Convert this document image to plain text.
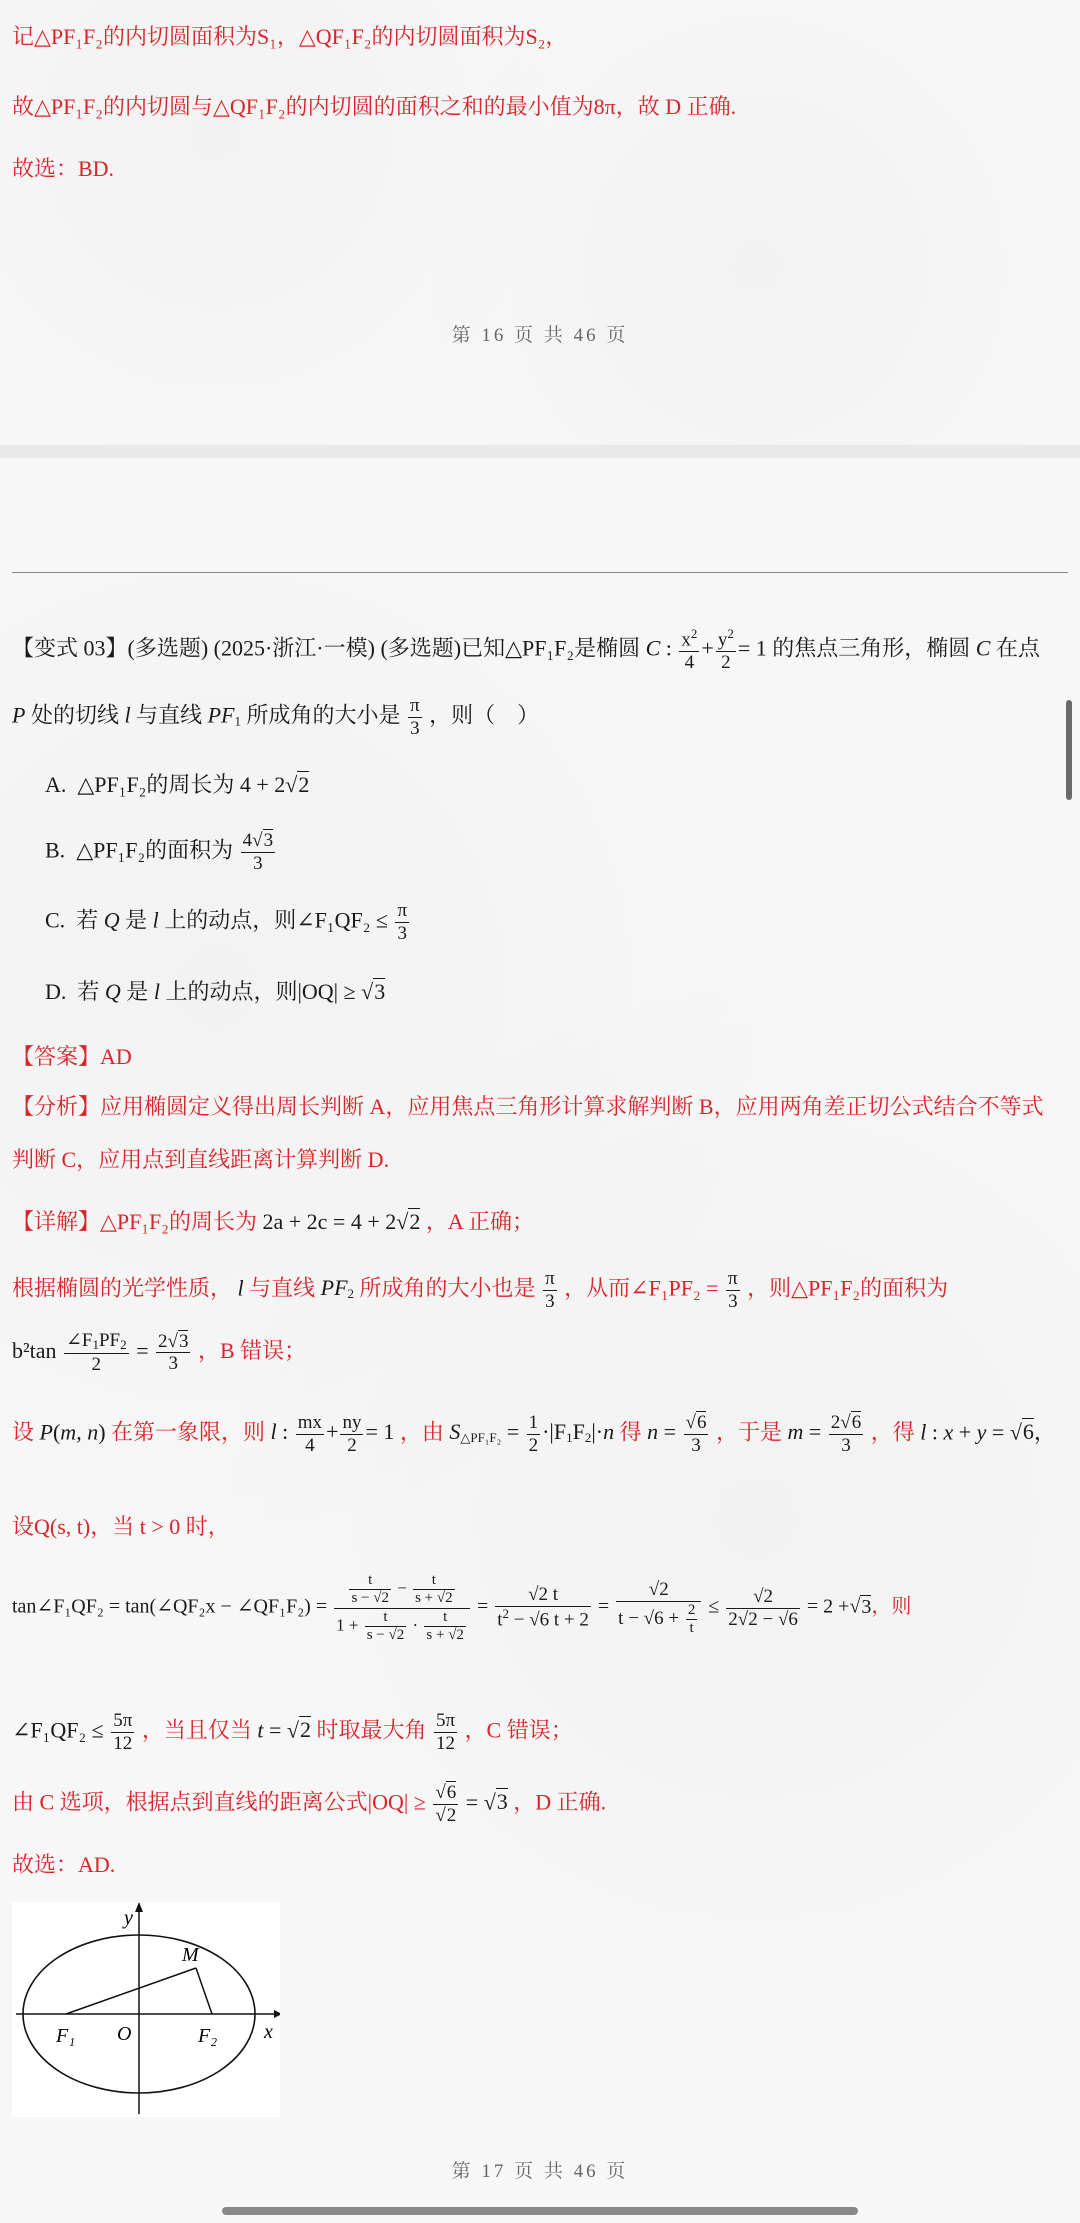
记△PF₁F₂的内切圆面积为S₁，△QF₁F₂的内切圆面积为S₂，
故△PF₁F₂的内切圆与△QF₁F₂的内切圆的面积之和的最小值为8π，故 D 正确.
故选：BD.
第 16 页 共 46 页
【变式 03】(多选题) (2025·浙江·一模) (多选题)已知△PF₁F₂是椭圆 C : $\frac{x^2}{4} + \frac{y^2}{2} = 1$ 的焦点三角形，椭圆 C 在点
P 处的切线 l 与直线 $PF_1$ 所成角的大小是 $\frac{\pi}{3}$ ，则（　）
A. △PF₁F₂的周长为 4 + 2√2
B. △PF₁F₂的面积为 $\frac{4√3}{3}$
C. 若 Q 是 l 上的动点，则∠F₁QF₂ ≤ $\frac{\pi}{3}$
D. 若 Q 是 l 上的动点，则|OQ| ≥ √3
【答案】AD
【分析】应用椭圆定义得出周长判断 A，应用焦点三角形计算求解判断 B，应用两角差正切公式结合不等式
判断 C，应用点到直线距离计算判断 D.
【详解】△PF₁F₂的周长为 2a + 2c = 4 + 2√2 ，A 正确；
根据椭圆的光学性质， l 与直线 $PF_2$ 所成角的大小也是 $\frac{\pi}{3}$ ，从而∠F₁PF₂ = $\frac{\pi}{3}$ ，则△PF₁F₂的面积为
$b^2\tan \frac{\angle F_1PF_2}{2} = \frac{2√3}{3}$ ，B 错误；
设 P(m, n) 在第一象限，则 l : $\frac{mx}{4} + \frac{ny}{2} = 1$ ，由 $S_{\triangle PF_1F_2} = \frac{1}{2} \cdot|F_1F_2|\cdot n$ 得 $n = \frac{√6}{3}$ ，于是 $m = \frac{2√6}{3}$ ，得 l : x + y = √6，
设Q(s, t)，当 t > 0 时，
tan∠F₁QF₂ = tan(∠QF₂x − ∠QF₁F₂) = $\frac{\frac{t}{s - √2} - \frac{t}{s + √2}}{1 + \frac{t}{s - √2} \cdot \frac{t}{s + √2}} = \frac{√2 t}{t^2 - √6 t + 2} = \frac{√2}{t - √6 + \frac{2}{t}} \le \frac{√2}{2√2 - √6} = 2 +√3$，则
∠F₁QF₂ ≤ $\frac{5\pi}{12}$ ，当且仅当 t = √2 时取最大角 $\frac{5\pi}{12}$ ，C 错误；
由 C 选项，根据点到直线的距离公式$|OQ| \ge \frac{√6}{√2} = √3$ ，D 正确.
故选：AD.
y
x
M
O
F₁	F₂
第 17 页 共 46 页
